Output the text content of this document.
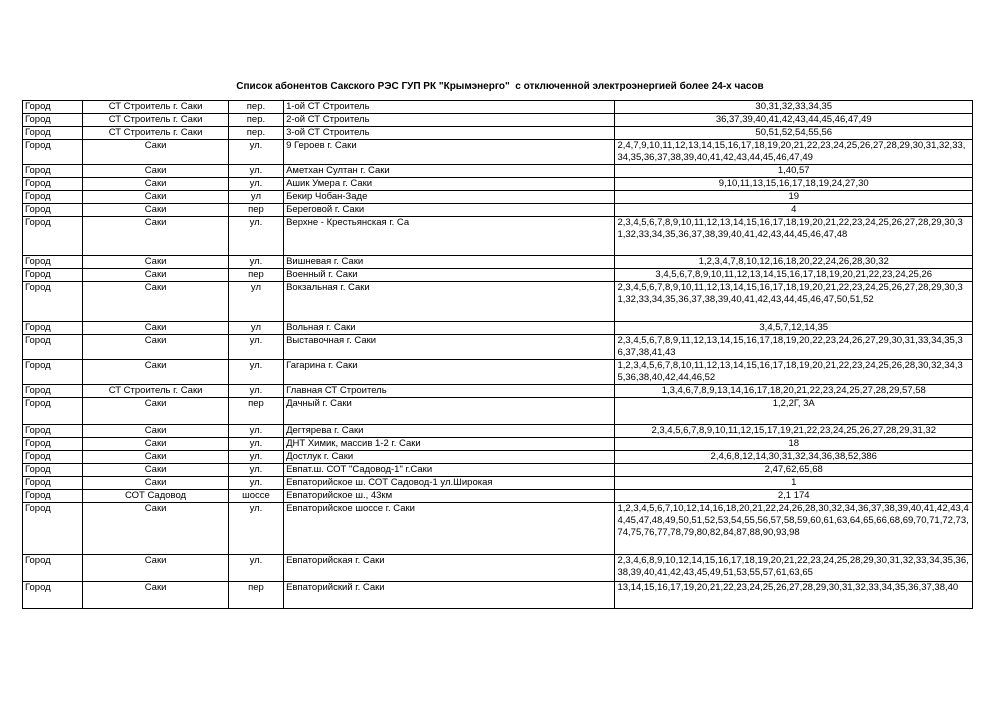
Список абонентов Сакского РЭС ГУП РК "Крымэнерго"  с отключенной электроэнергией более 24-х часов
Город	СТ Строитель г. Саки	пер.	1-ой СТ Строитель	30,31,32,33,34,35
Город	СТ Строитель г. Саки	пер.	2-ой СТ Строитель	36,37,39,40,41,42,43,44,45,46,47,49
Город	СТ Строитель г. Саки	пер.	3-ой СТ Строитель	50,51,52,54,55,56
Город	Саки	ул.	9 Героев г. Саки	2,4,7,9,10,11,12,13,14,15,16,17,18,19,20,21,22,23,24,25,26,27,28,29,30,31,32,33,34,35,36,37,38,39,40,41,42,43,44,45,46,47,49
Город	Саки	ул.	Аметхан Султан г. Саки	1,40,57
Город	Саки	ул.	Ашик Умера г. Саки	9,10,11,13,15,16,17,18,19,24,27,30
Город	Саки	ул	Бекир Чобан-Заде	19
Город	Саки	пер	Береговой г. Саки	4
Город	Саки	ул.	Верхне - Крестьянская г. Са	2,3,4,5,6,7,8,9,10,11,12,13,14,15,16,17,18,19,20,21,22,23,24,25,26,27,28,29,30,31,32,33,34,35,36,37,38,39,40,41,42,43,44,45,46,47,48
Город	Саки	ул.	Вишневая г. Саки	1,2,3,4,7,8,10,12,16,18,20,22,24,26,28,30,32
Город	Саки	пер	Военный г. Саки	3,4,5,6,7,8,9,10,11,12,13,14,15,16,17,18,19,20,21,22,23,24,25,26
Город	Саки	ул	Вокзальная г. Саки	2,3,4,5,6,7,8,9,10,11,12,13,14,15,16,17,18,19,20,21,22,23,24,25,26,27,28,29,30,31,32,33,34,35,36,37,38,39,40,41,42,43,44,45,46,47,50,51,52
Город	Саки	ул	Вольная г. Саки	3,4,5,7,12,14,35
Город	Саки	ул.	Выставочная г. Саки	2,3,4,5,6,7,8,9,11,12,13,14,15,16,17,18,19,20,22,23,24,26,27,29,30,31,33,34,35,36,37,38,41,43
Город	Саки	ул.	Гагарина г. Саки	1,2,3,4,5,6,7,8,10,11,12,13,14,15,16,17,18,19,20,21,22,23,24,25,26,28,30,32,34,35,36,38,40,42,44,46,52
Город	СТ Строитель г. Саки	ул.	Главная СТ Строитель	1,3,4,6,7,8,9,13,14,16,17,18,20,21,22,23,24,25,27,28,29,57,58
Город	Саки	пер	Дачный г. Саки	1,2,2Г, 3А
Город	Саки	ул.	Дегтярева г. Саки	2,3,4,5,6,7,8,9,10,11,12,15,17,19,21,22,23,24,25,26,27,28,29,31,32
Город	Саки	ул.	ДНТ Химик, массив 1-2 г. Саки	18
Город	Саки	ул.	Достлук г. Саки	2,4,6,8,12,14,30,31,32,34,36,38,52,386
Город	Саки	ул.	Евпат.ш. СОТ "Садовод-1" г.Саки	2,47,62,65,68
Город	Саки	ул.	Евпаторийское ш. СОТ Садовод-1 ул.Широкая	1
Город	СОТ Садовод	шоссе	Евпаторийское ш., 43км	2,1 174
Город	Саки	ул.	Евпаторийское шоссе г. Саки	1,2,3,4,5,6,7,10,12,14,16,18,20,21,22,24,26,28,30,32,34,36,37,38,39,40,41,42,43,44,45,47,48,49,50,51,52,53,54,55,56,57,58,59,60,61,63,64,65,66,68,69,70,71,72,73,74,75,76,77,78,79,80,82,84,87,88,90,93,98
Город	Саки	ул.	Евпаторийская г. Саки	2,3,4,6,8,9,10,12,14,15,16,17,18,19,20,21,22,23,24,25,28,29,30,31,32,33,34,35,36,38,39,40,41,42,43,45,49,51,53,55,57,61,63,65
Город	Саки	пер	Евпаторийский г. Саки	13,14,15,16,17,19,20,21,22,23,24,25,26,27,28,29,30,31,32,33,34,35,36,37,38,40
